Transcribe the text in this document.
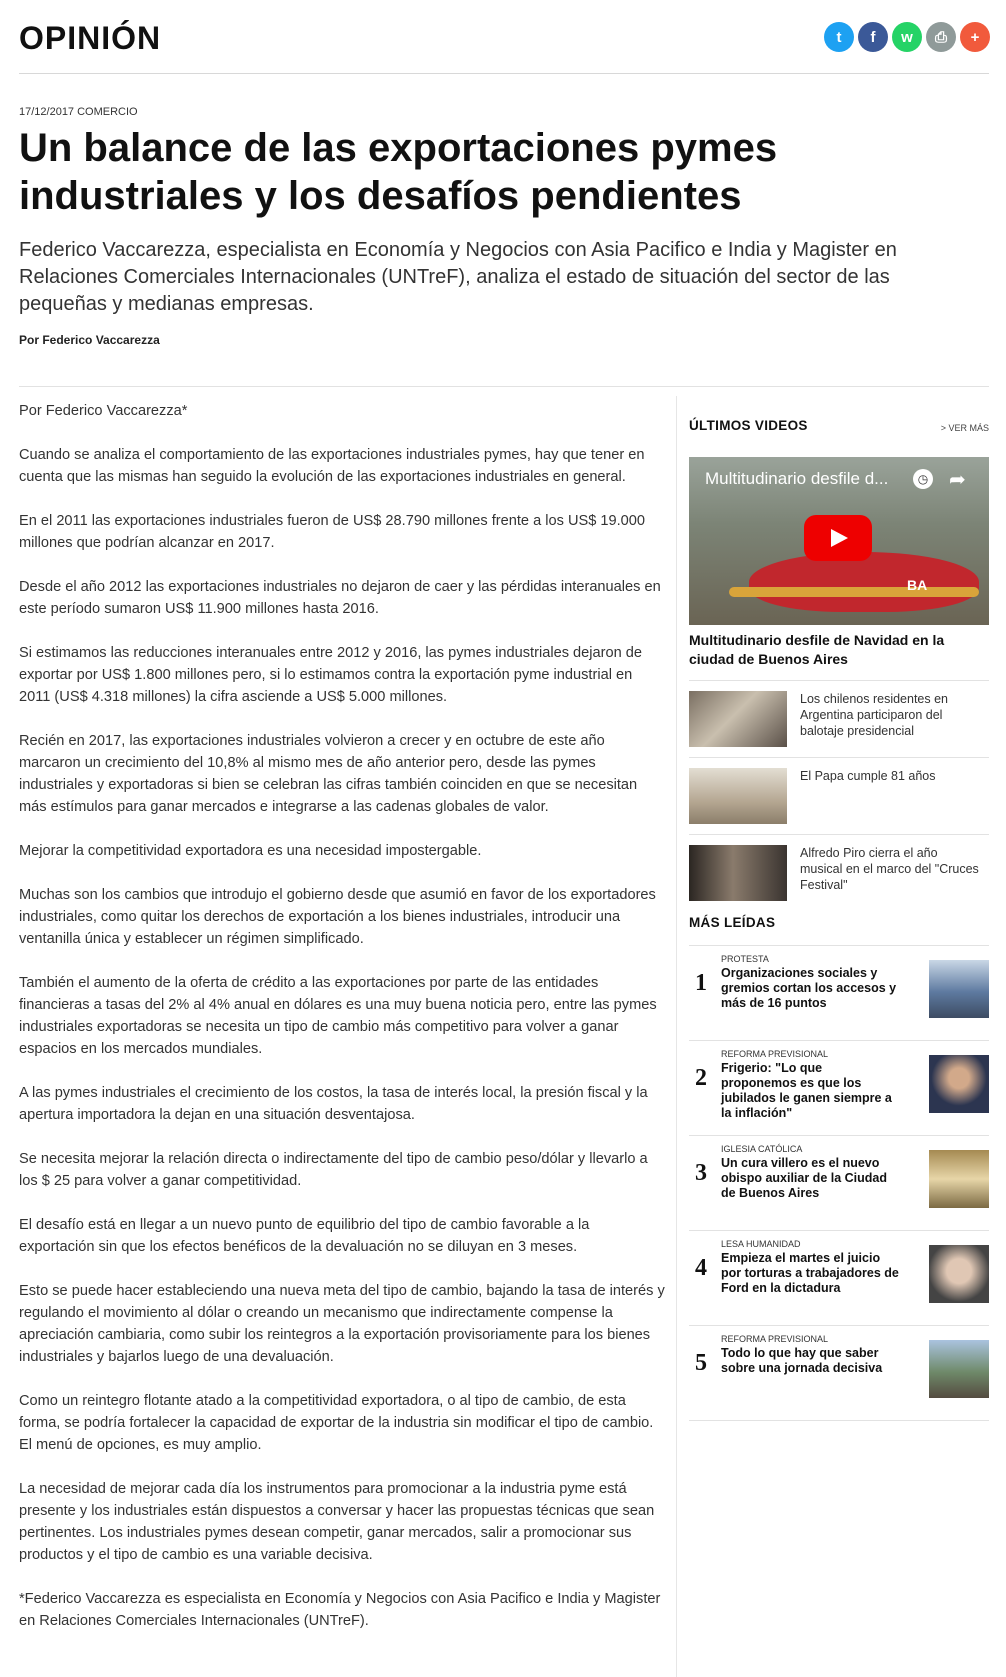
OPINIÓN	t	f	w	⎙	+
17/12/2017 COMERCIO
Un balance de las exportaciones pymes industriales y los desafíos pendientes

Federico Vaccarezza, especialista en Economía y Negocios con Asia Pacifico e India y Magister en Relaciones Comerciales Internacionales (UNTreF), analiza el estado de situación del sector de las pequeñas y medianas empresas.

Por Federico Vaccarezza

Por Federico Vaccarezza*

Cuando se analiza el comportamiento de las exportaciones industriales pymes, hay que tener en cuenta que las mismas han seguido la evolución de las exportaciones industriales en general.

En el 2011 las exportaciones industriales fueron de US$ 28.790 millones frente a los US$ 19.000 millones que podrían alcanzar en 2017.

Desde el año 2012 las exportaciones industriales no dejaron de caer y las pérdidas interanuales en este período sumaron US$ 11.900 millones hasta 2016.

Si estimamos las reducciones interanuales entre 2012 y 2016, las pymes industriales dejaron de exportar por US$ 1.800 millones pero, si lo estimamos contra la exportación pyme industrial en 2011 (US$ 4.318 millones) la cifra asciende a US$ 5.000 millones.

Recién en 2017, las exportaciones industriales volvieron a crecer y en octubre de este año marcaron un crecimiento del 10,8% al mismo mes de año anterior pero, desde las pymes industriales y exportadoras si bien se celebran las cifras también coinciden en que se necesitan más estímulos para ganar mercados e integrarse a las cadenas globales de valor.

Mejorar la competitividad exportadora es una necesidad impostergable.

Muchas son los cambios que introdujo el gobierno desde que asumió en favor de los exportadores industriales, como quitar los derechos de exportación a los bienes industriales, introducir una ventanilla única y establecer un régimen simplificado.

También el aumento de la oferta de crédito a las exportaciones por parte de las entidades financieras a tasas del 2% al 4% anual en dólares es una muy buena noticia pero, entre las pymes industriales exportadoras se necesita un tipo de cambio más competitivo para volver a ganar espacios en los mercados mundiales.

A las pymes industriales el crecimiento de los costos, la tasa de interés local, la presión fiscal y la apertura importadora la dejan en una situación desventajosa.

Se necesita mejorar la relación directa o indirectamente del tipo de cambio peso/dólar y llevarlo a los $ 25 para volver a ganar competitividad.

El desafío está en llegar a un nuevo punto de equilibrio del tipo de cambio favorable a la exportación sin que los efectos benéficos de la devaluación no se diluyan en 3 meses.

Esto se puede hacer estableciendo una nueva meta del tipo de cambio, bajando la tasa de interés y regulando el movimiento al dólar o creando un mecanismo que indirectamente compense la apreciación cambiaria, como subir los reintegros a la exportación provisoriamente para los bienes industriales y bajarlos luego de una devaluación.

Como un reintegro flotante atado a la competitividad exportadora, o al tipo de cambio, de esta forma, se podría fortalecer la capacidad de exportar de la industria sin modificar el tipo de cambio. El menú de opciones, es muy amplio.

La necesidad de mejorar cada día los instrumentos para promocionar a la industria pyme está presente y los industriales están dispuestos a conversar y hacer las propuestas técnicas que sean pertinentes. Los industriales pymes desean competir, ganar mercados, salir a promocionar sus productos y el tipo de cambio es una variable decisiva.

*Federico Vaccarezza es especialista en Economía y Negocios con Asia Pacifico e India y Magister en Relaciones Comerciales Internacionales (UNTreF).

ÚLTIMOS VIDEOS	> VER MÁS
Multitudinario desfile d...	◷ ➦
BA
Multitudinario desfile de Navidad en la ciudad de Buenos Aires
Los chilenos residentes en Argentina participaron del balotaje presidencial
El Papa cumple 81 años
Alfredo Piro cierra el año musical en el marco del "Cruces Festival"
MÁS LEÍDAS
1
PROTESTA
Organizaciones sociales y gremios cortan los accesos y más de 16 puntos
2
REFORMA PREVISIONAL
Frigerio: "Lo que proponemos es que los jubilados le ganen siempre a la inflación"
3
IGLESIA CATÓLICA
Un cura villero es el nuevo obispo auxiliar de la Ciudad de Buenos Aires
4
LESA HUMANIDAD
Empieza el martes el juicio por torturas a trabajadores de Ford en la dictadura
5
REFORMA PREVISIONAL
Todo lo que hay que saber sobre una jornada decisiva
